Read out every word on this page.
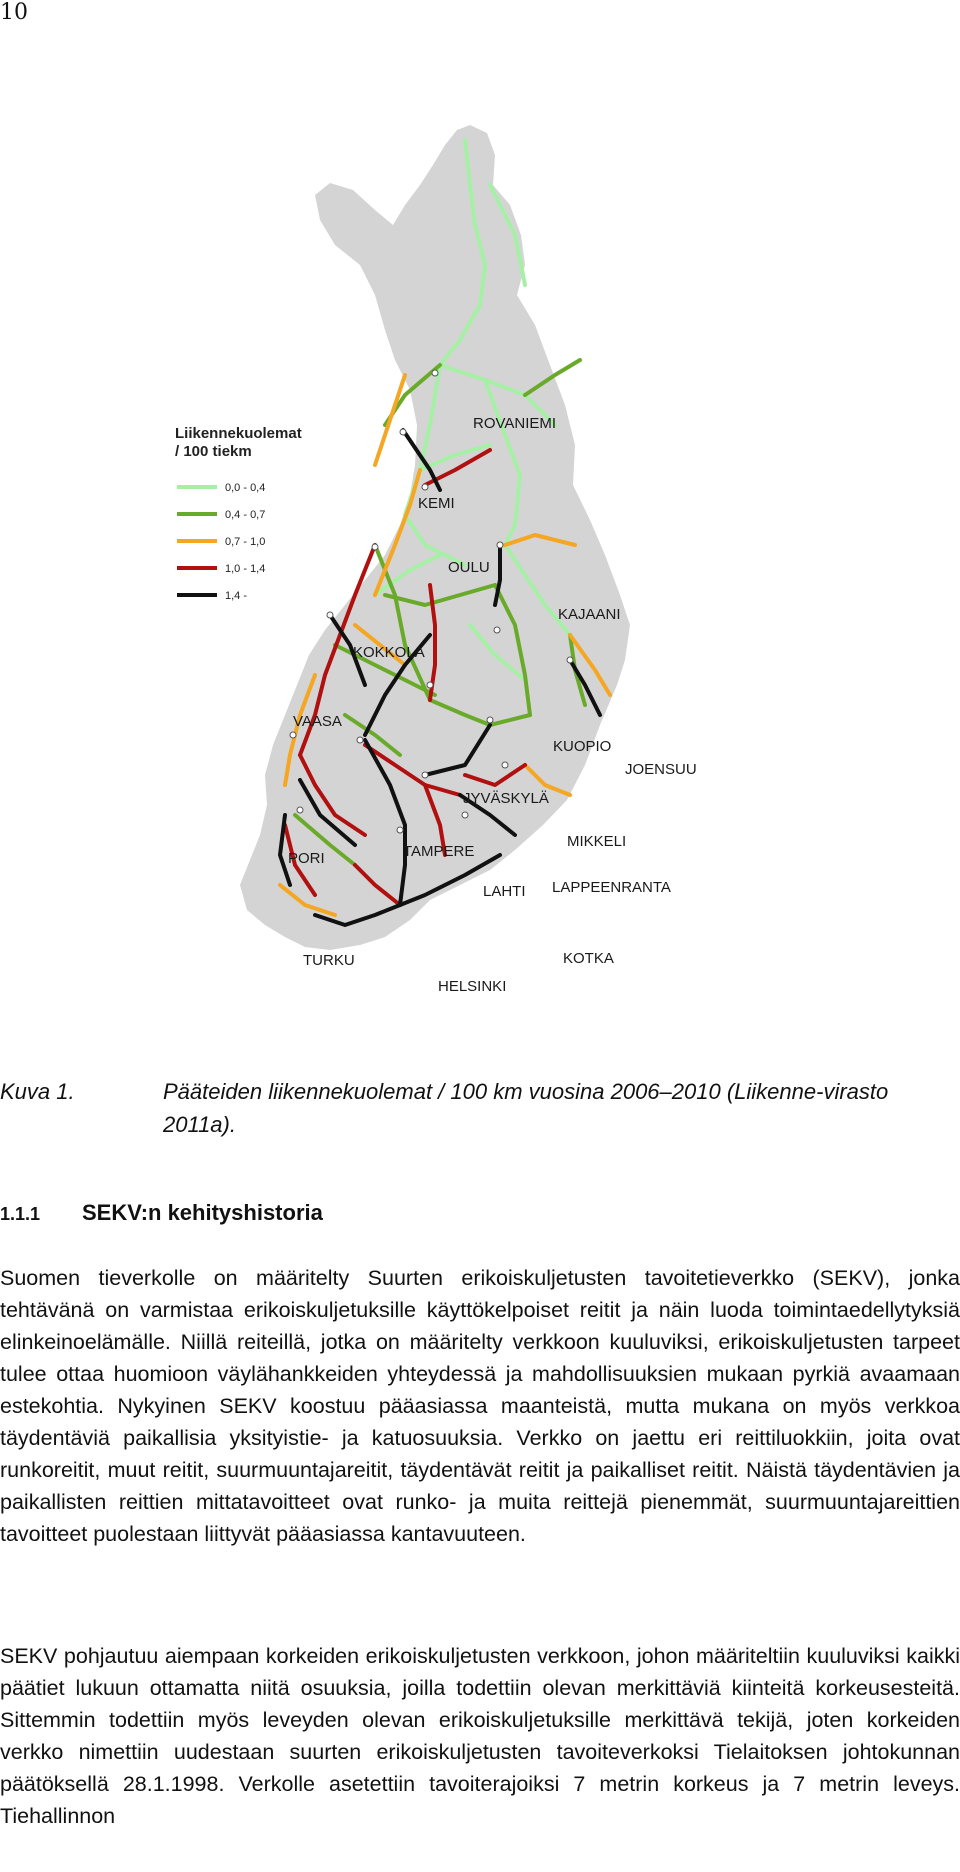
10
ROVANIEMI
KEMI
OULU
KAJAANI
KOKKOLA
VAASA
KUOPIO
JOENSUU
JYVÄSKYLÄ
PORI	TAMPERE
MIKKELI
LAHTI LAPPEENRANTA
TURKU	KOTKA
HELSINKI
Liikennekuolemat
/ 100 tiekm
0,0 - 0,4
0,4 - 0,7
0,7 - 1,0
1,0 - 1,4
1,4 -
Kuva 1.	Pääteiden liikennekuolemat / 100 km vuosina 2006–2010 (Liikenne-virasto 2011a).
1.1.1 SEKV:n kehityshistoria
Suomen tieverkolle on määritelty Suurten erikoiskuljetusten tavoitetieverkko (SEKV), jonka tehtävänä on varmistaa erikoiskuljetuksille käyttökelpoiset reitit ja näin luoda toimintaedellytyksiä elinkeinoelämälle. Niillä reiteillä, jotka on määritelty verkkoon kuuluviksi, erikoiskuljetusten tarpeet tulee ottaa huomioon väylähankkeiden yhteydessä ja mahdollisuuksien mukaan pyrkiä avaamaan estekohtia. Nykyinen SEKV koostuu pääasiassa maanteistä, mutta mukana on myös verkkoa täydentäviä paikallisia yksityistie- ja katuosuuksia. Verkko on jaettu eri reittiluokkiin, joita ovat runkoreitit, muut reitit, suurmuuntajareitit, täydentävät reitit ja paikalliset reitit. Näistä täydentävien ja paikallisten reittien mittatavoitteet ovat runko- ja muita reittejä pienemmät, suurmuuntajareittien tavoitteet puolestaan liittyvät pääasiassa kantavuuteen.
SEKV pohjautuu aiempaan korkeiden erikoiskuljetusten verkkoon, johon määriteltiin kuuluviksi kaikki päätiet lukuun ottamatta niitä osuuksia, joilla todettiin olevan merkittäviä kiinteitä korkeusesteitä. Sittemmin todettiin myös leveyden olevan erikoiskuljetuksille merkittävä tekijä, joten korkeiden verkko nimettiin uudestaan suurten erikoiskuljetusten tavoiteverkoksi Tielaitoksen johtokunnan päätöksellä 28.1.1998. Verkolle asetettiin tavoiterajoiksi 7 metrin korkeus ja 7 metrin leveys. Tiehallinnon
